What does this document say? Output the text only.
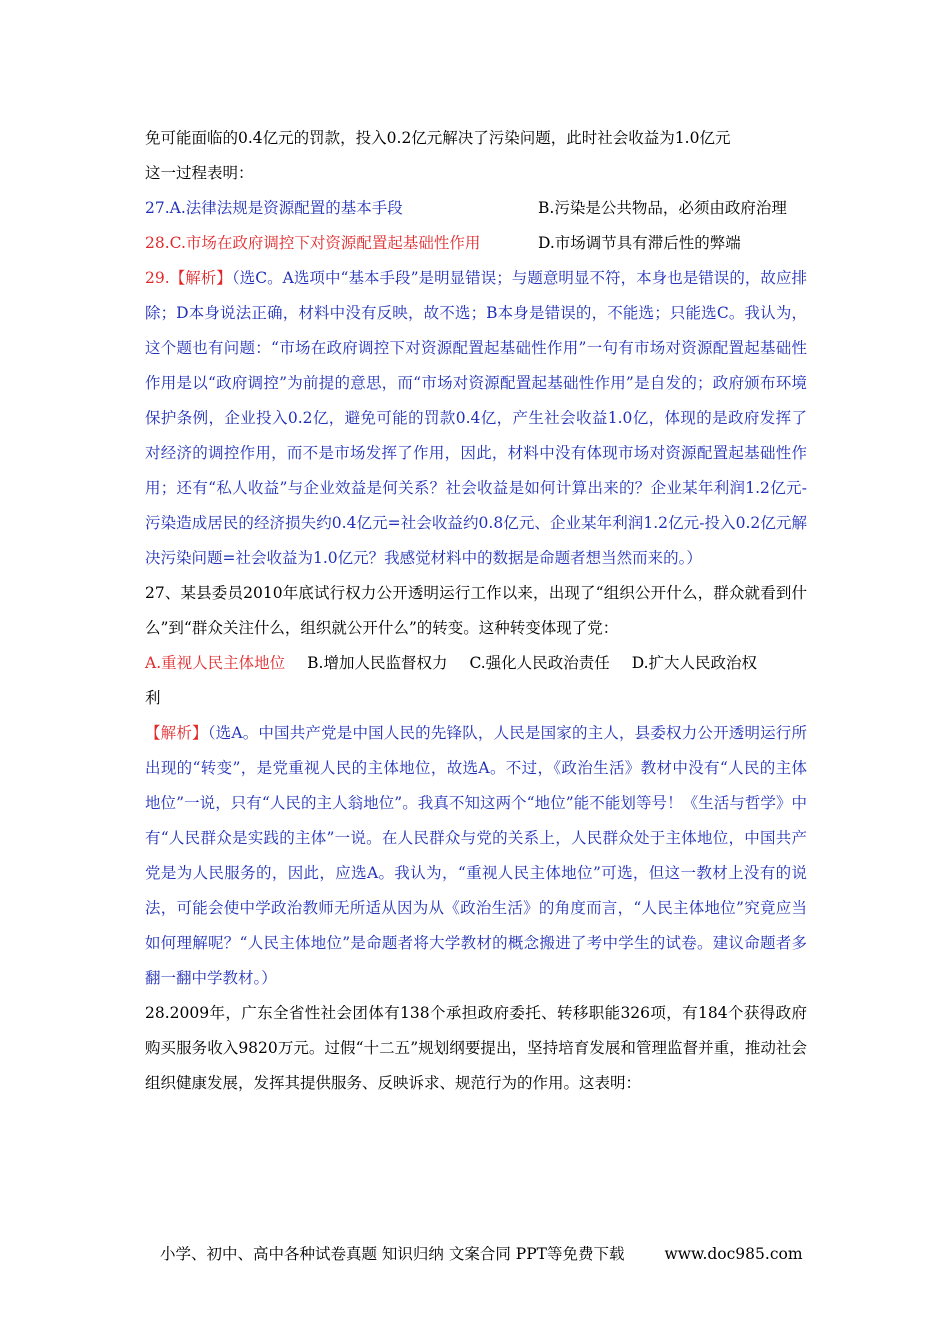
免可能面临的0.4亿元的罚款，投入0.2亿元解决了污染问题，此时社会收益为1.0亿元

这一过程表明：

27.A.法律法规是资源配置的基本手段	B.污染是公共物品，必须由政府治理
28.C.市场在政府调控下对资源配置起基础性作用	D.市场调节具有滞后性的弊端

29.【解析】（选C。A选项中“基本手段”是明显错误；与题意明显不符，本身也是错误的，故应排除；D本身说法正确，材料中没有反映，故不选；B本身是错误的，不能选；只能选C。我认为，这个题也有问题：“市场在政府调控下对资源配置起基础性作用”一句有市场对资源配置起基础性作用是以“政府调控”为前提的意思，而“市场对资源配置起基础性作用”是自发的；政府颁布环境保护条例，企业投入0.2亿，避免可能的罚款0.4亿，产生社会收益1.0亿，体现的是政府发挥了对经济的调控作用，而不是市场发挥了作用，因此，材料中没有体现市场对资源配置起基础性作用；还有“私人收益”与企业效益是何关系？社会收益是如何计算出来的？企业某年利润1.2亿元-污染造成居民的经济损失约0.4亿元=社会收益约0.8亿元、企业某年利润1.2亿元-投入0.2亿元解决污染问题=社会收益为1.0亿元？我感觉材料中的数据是命题者想当然而来的。）

27、某县委员2010年底试行权力公开透明运行工作以来，出现了“组织公开什么，群众就看到什么”到“群众关注什么，组织就公开什么”的转变。这种转变体现了党：

A.重视人民主体地位 B.增加人民监督权力 C.强化人民政治责任 D.扩大人民政治权

利

【解析】（选A。中国共产党是中国人民的先锋队，人民是国家的主人，县委权力公开透明运行所出现的“转变”，是党重视人民的主体地位，故选A。不过，《政治生活》教材中没有“人民的主体地位”一说，只有“人民的主人翁地位”。我真不知这两个“地位”能不能划等号！《生活与哲学》中有“人民群众是实践的主体”一说。在人民群众与党的关系上，人民群众处于主体地位，中国共产党是为人民服务的，因此，应选A。我认为，“重视人民主体地位”可选，但这一教材上没有的说法，可能会使中学政治教师无所适从因为从《政治生活》的角度而言，“人民主体地位”究竟应当如何理解呢？“人民主体地位”是命题者将大学教材的概念搬进了考中学生的试卷。建议命题者多翻一翻中学教材。）

28.2009年，广东全省性社会团体有138个承担政府委托、转移职能326项，有184个获得政府购买服务收入9820万元。过假“十二五”规划纲要提出，坚持培育发展和管理监督并重，推动社会组织健康发展，发挥其提供服务、反映诉求、规范行为的作用。这表明：

小学、初中、高中各种试卷真题 知识归纳 文案合同 PPT等免费下载	www.doc985.com
